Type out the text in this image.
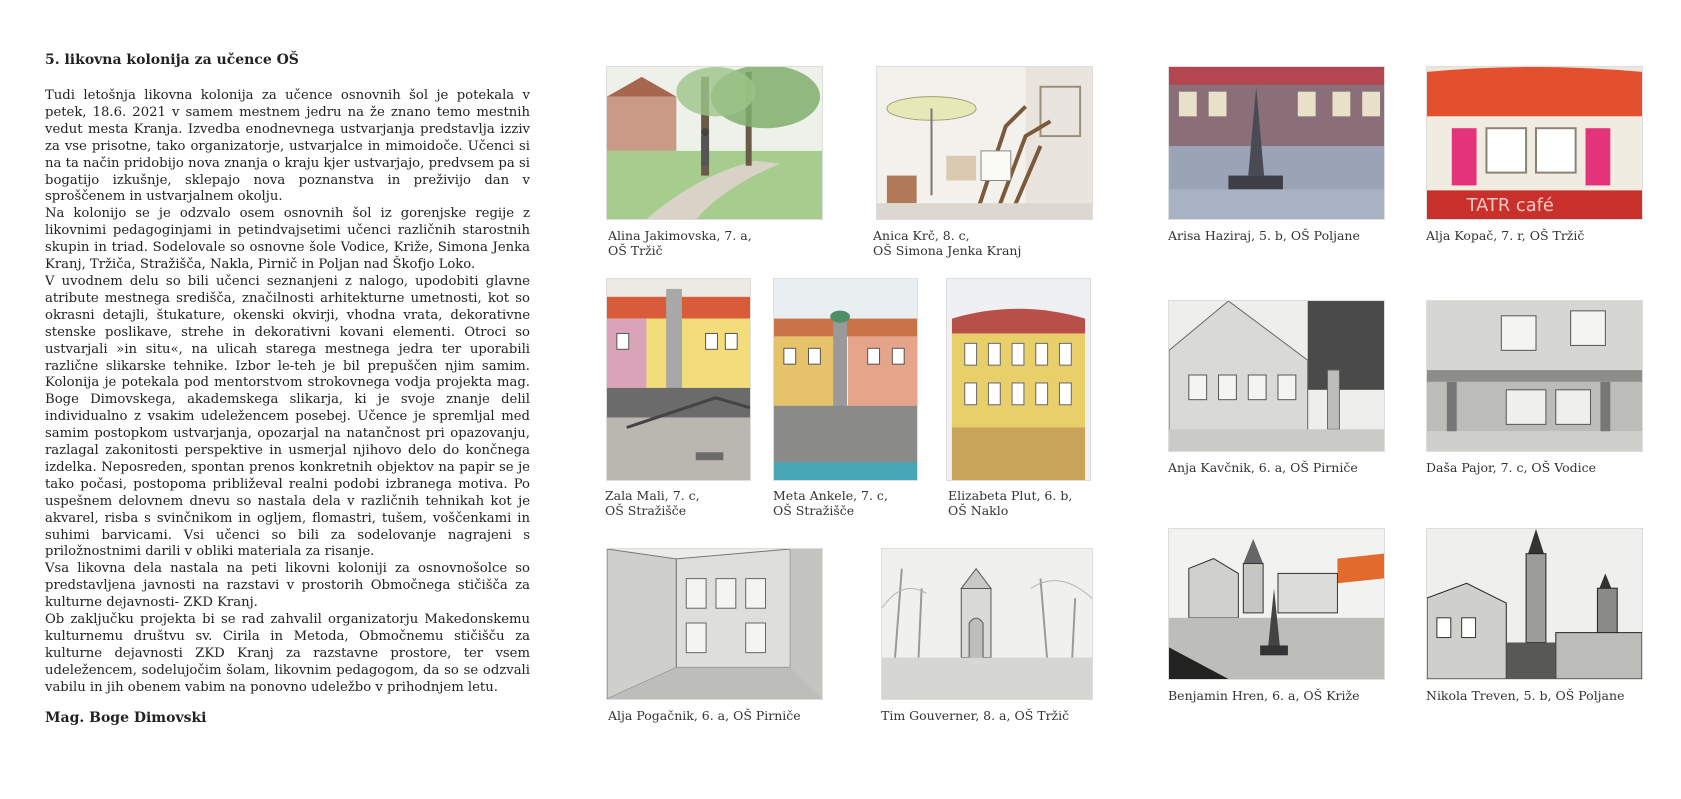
5. likovna kolonija za učence OŠ

Tudi letošnja likovna kolonija za učence osnovnih šol je potekala v petek, 18.6. 2021 v samem mestnem jedru na že znano temo mestnih vedut mesta Kranja. Izvedba enodnevnega ustvarjanja predstavlja izziv za vse prisotne, tako organizatorje, ustvarjalce in mimoidoče. Učenci si na ta način pridobijo nova znanja o kraju kjer ustvarjajo, predvsem pa si bogatijo izkušnje, sklepajo nova poznanstva in preživijo dan v sproščenem in ustvarjalnem okolju.

Na kolonijo se je odzvalo osem osnovnih šol iz gorenjske regije z likovnimi pedagoginjami in petindvajsetimi učenci različnih starostnih skupin in triad. Sodelovale so osnovne šole Vodice, Križe, Simona Jenka Kranj, Tržiča, Stražišča, Nakla, Pirnič in Poljan nad Škofjo Loko.

V uvodnem delu so bili učenci seznanjeni z nalogo, upodobiti glavne atribute mestnega središča, značilnosti arhitekturne umetnosti, kot so okrasni detajli, štukature, okenski okvirji, vhodna vrata, dekorativne stenske poslikave, strehe in dekorativni kovani elementi. Otroci so ustvarjali »in situ«, na ulicah starega mestnega jedra ter uporabili različne slikarske tehnike. Izbor le-teh je bil prepuščen njim samim. Kolonija je potekala pod mentorstvom strokovnega vodja projekta mag. Boge Dimovskega, akademskega slikarja, ki je svoje znanje delil individualno z vsakim udeležencem posebej. Učence je spremljal med samim postopkom ustvarjanja, opozarjal na natančnost pri opazovanju, razlagal zakonitosti perspektive in usmerjal njihovo delo do končnega izdelka. Neposreden, spontan prenos konkretnih objektov na papir se je tako počasi, postopoma približeval realni podobi izbranega motiva. Po uspešnem delovnem dnevu so nastala dela v različnih tehnikah kot je akvarel, risba s svinčnikom in ogljem, flomastri, tušem, voščenkami in suhimi barvicami. Vsi učenci so bili za sodelovanje nagrajeni s priložnostnimi darili v obliki materiala za risanje.

Vsa likovna dela nastala na peti likovni koloniji za osnovnošolce so predstavljena javnosti na razstavi v prostorih Območnega stičišča za kulturne dejavnosti- ZKD Kranj.

Ob zaključku projekta bi se rad zahvalil organizatorju Makedonskemu kulturnemu društvu sv. Cirila in Metoda, Območnemu stičišču za kulturne dejavnosti ZKD Kranj za razstavne prostore, ter vsem udeležencem, sodelujočim šolam, likovnim pedagogom, da so se odzvali vabilu in jih obenem vabim na ponovno udeležbo v prihodnjem letu.

Mag. Boge Dimovski
Alina Jakimovska, 7. a,
OŠ Tržič
Anica Krč, 8. c,
OŠ Simona Jenka Kranj
Arisa Haziraj, 5. b, OŠ Poljane
TATR café
Alja Kopač, 7. r, OŠ Tržič
Zala Mali, 7. c,
OŠ Stražišče
Meta Ankele, 7. c,
OŠ Stražišče
Elizabeta Plut, 6. b,
OŠ Naklo
Anja Kavčnik, 6. a, OŠ Pirniče	Daša Pajor, 7. c, OŠ Vodice
Alja Pogačnik, 6. a, OŠ Pirniče	Tim Gouverner, 8. a, OŠ Tržič
Benjamin Hren, 6. a, OŠ Križe	Nikola Treven, 5. b, OŠ Poljane
